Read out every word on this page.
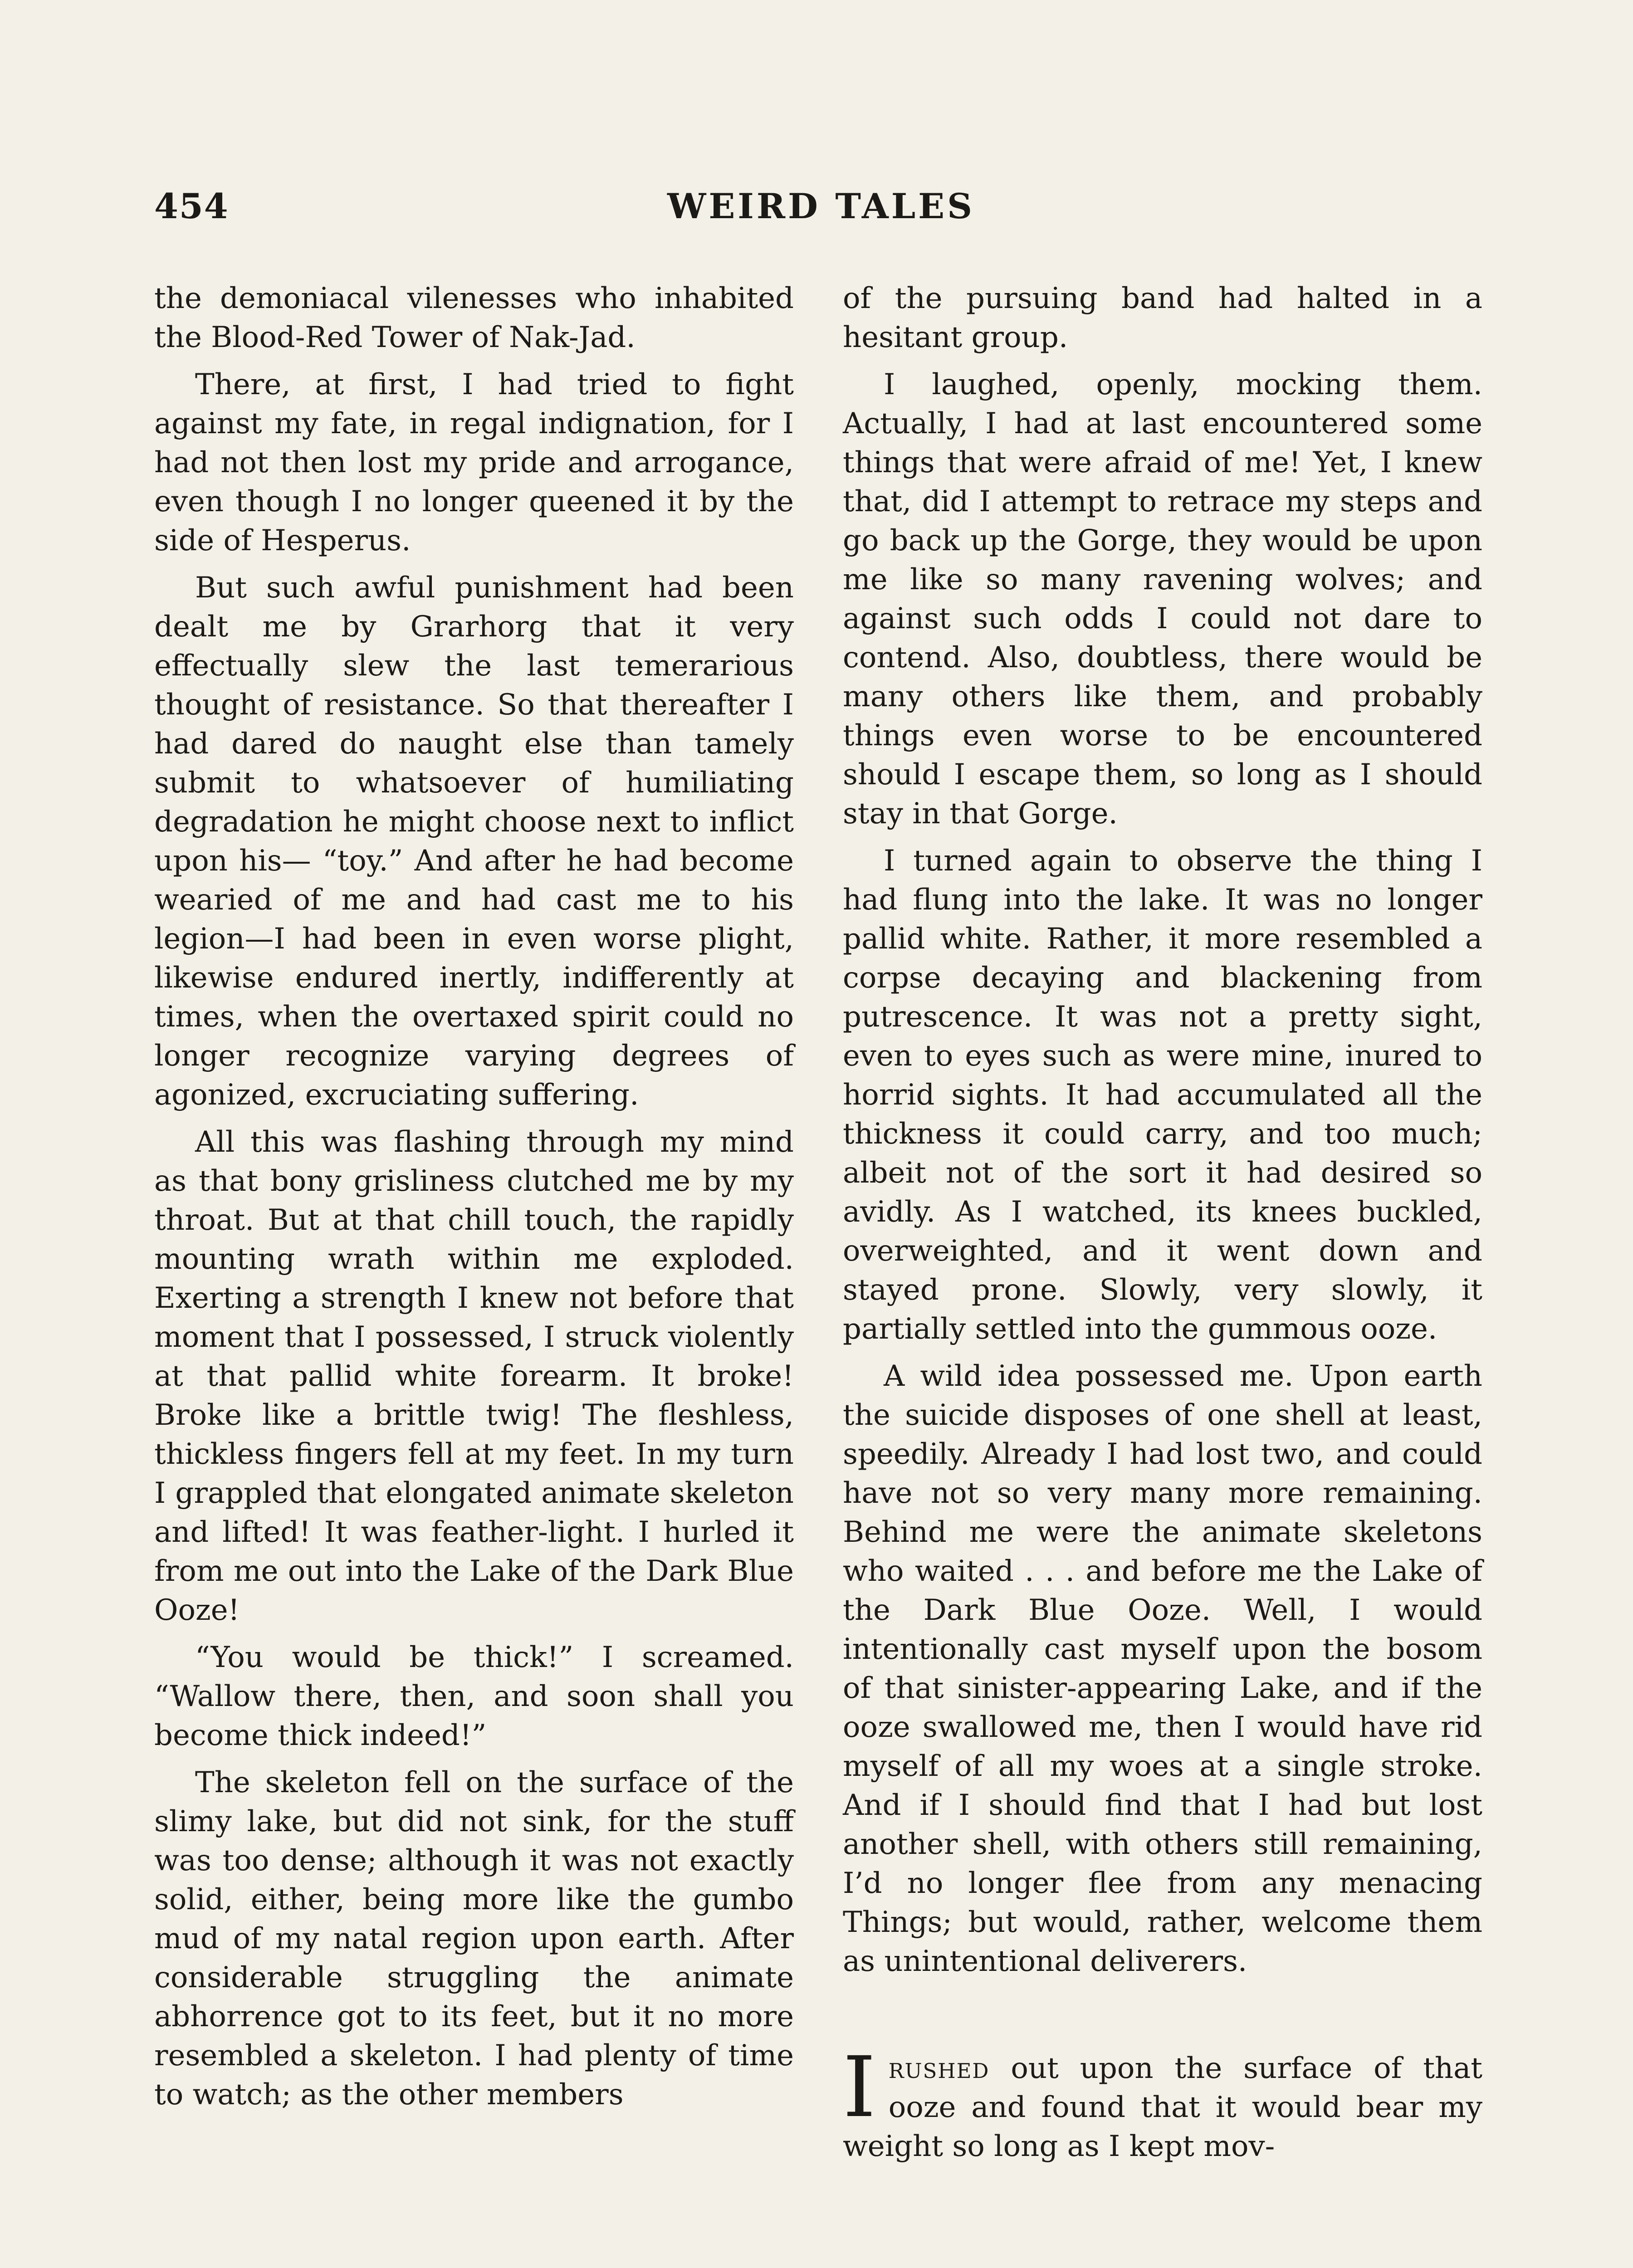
454	WEIRD TALES

the demoniacal vilenesses who inhabited the Blood-Red Tower of Nak-Jad.

There, at first, I had tried to fight against my fate, in regal indignation, for I had not then lost my pride and arrogance, even though I no longer queened it by the side of Hesperus.

But such awful punishment had been dealt me by Grarhorg that it very effectually slew the last temerarious thought of resistance. So that thereafter I had dared do naught else than tamely submit to whatsoever of humiliating degradation he might choose next to inflict upon his— “toy.” And after he had become wearied of me and had cast me to his legion—I had been in even worse plight, likewise endured inertly, indifferently at times, when the overtaxed spirit could no longer recognize varying degrees of agonized, excruciating suffering.

All this was flashing through my mind as that bony grisliness clutched me by my throat. But at that chill touch, the rapidly mounting wrath within me exploded. Exerting a strength I knew not before that moment that I possessed, I struck violently at that pallid white forearm. It broke! Broke like a brittle twig! The fleshless, thickless fingers fell at my feet. In my turn I grappled that elongated animate skeleton and lifted! It was feather-light. I hurled it from me out into the Lake of the Dark Blue Ooze!

“You would be thick!” I screamed. “Wallow there, then, and soon shall you become thick indeed!”

The skeleton fell on the surface of the slimy lake, but did not sink, for the stuff was too dense; although it was not exactly solid, either, being more like the gumbo mud of my natal region upon earth. After considerable struggling the animate abhorrence got to its feet, but it no more resembled a skeleton. I had plenty of time to watch; as the other members

of the pursuing band had halted in a hesitant group.

I laughed, openly, mocking them. Actually, I had at last encountered some things that were afraid of me! Yet, I knew that, did I attempt to retrace my steps and go back up the Gorge, they would be upon me like so many ravening wolves; and against such odds I could not dare to contend. Also, doubtless, there would be many others like them, and probably things even worse to be encountered should I escape them, so long as I should stay in that Gorge.

I turned again to observe the thing I had flung into the lake. It was no longer pallid white. Rather, it more resembled a corpse decaying and blackening from putrescence. It was not a pretty sight, even to eyes such as were mine, inured to horrid sights. It had accumulated all the thickness it could carry, and too much; albeit not of the sort it had desired so avidly. As I watched, its knees buckled, overweighted, and it went down and stayed prone. Slowly, very slowly, it partially settled into the gummous ooze.

A wild idea possessed me. Upon earth the suicide disposes of one shell at least, speedily. Already I had lost two, and could have not so very many more remaining. Behind me were the animate skeletons who waited . . . and before me the Lake of the Dark Blue Ooze. Well, I would intentionally cast myself upon the bosom of that sinister-appearing Lake, and if the ooze swallowed me, then I would have rid myself of all my woes at a single stroke. And if I should find that I had but lost another shell, with others still remaining, I’d no longer flee from any menacing Things; but would, rather, welcome them as unintentional deliverers.

Irushed out upon the surface of that ooze and found that it would bear my weight so long as I kept mov-
